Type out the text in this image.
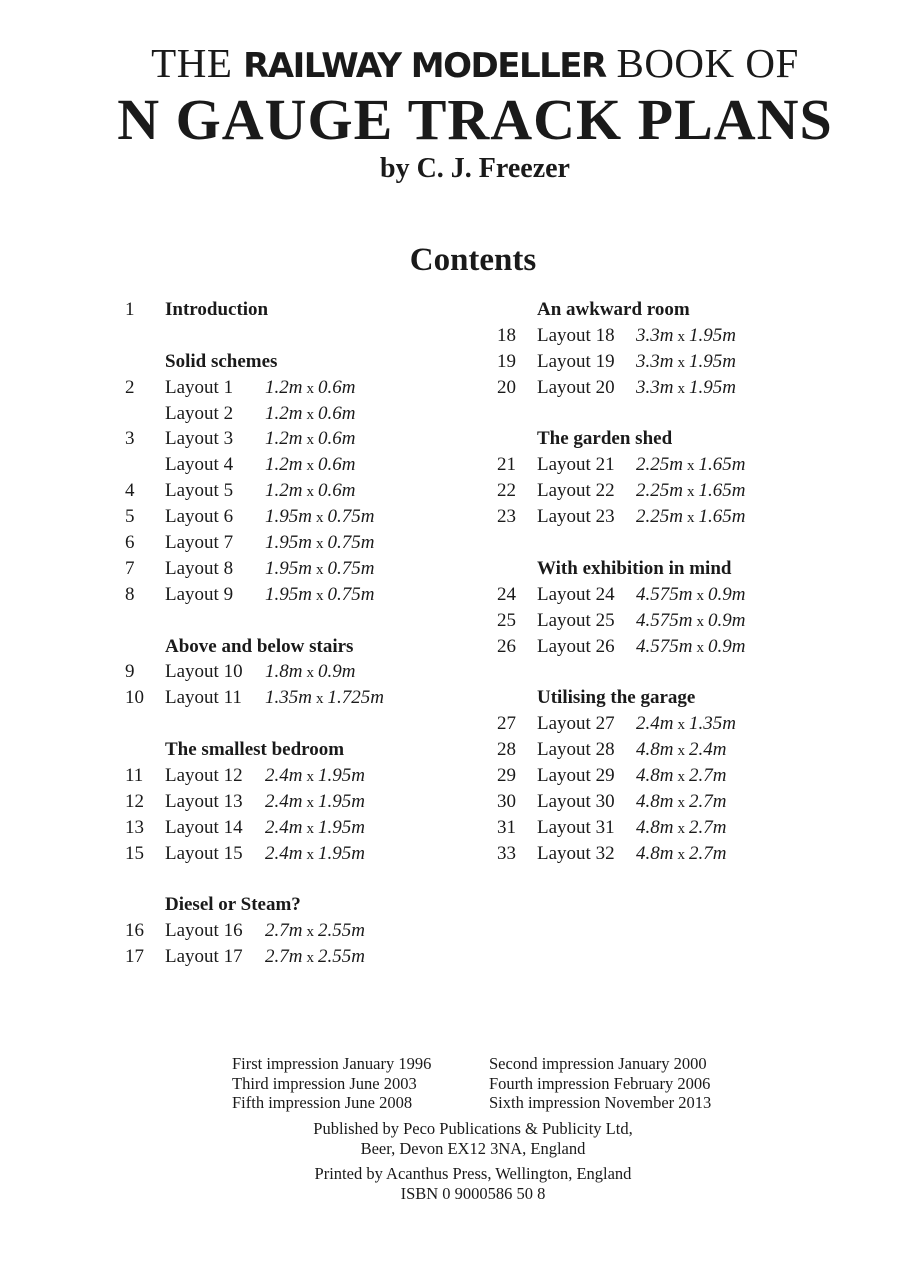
THE RAILWAY MODELLER BOOK OF
N GAUGE TRACK PLANS
by C. J. Freezer
Contents
1 Introduction
Solid schemes
2 Layout 1 1.2m x 0.6m
Layout 2 1.2m x 0.6m
3 Layout 3 1.2m x 0.6m
Layout 4 1.2m x 0.6m
4 Layout 5 1.2m x 0.6m
5 Layout 6 1.95m x 0.75m
6 Layout 7 1.95m x 0.75m
7 Layout 8 1.95m x 0.75m
8 Layout 9 1.95m x 0.75m
Above and below stairs
9 Layout 10 1.8m x 0.9m
10 Layout 11 1.35m x 1.725m
The smallest bedroom
11 Layout 12 2.4m x 1.95m
12 Layout 13 2.4m x 1.95m
13 Layout 14 2.4m x 1.95m
15 Layout 15 2.4m x 1.95m
Diesel or Steam?
16 Layout 16 2.7m x 2.55m
17 Layout 17 2.7m x 2.55m
An awkward room
18 Layout 18 3.3m x 1.95m
19 Layout 19 3.3m x 1.95m
20 Layout 20 3.3m x 1.95m
The garden shed
21 Layout 21 2.25m x 1.65m
22 Layout 22 2.25m x 1.65m
23 Layout 23 2.25m x 1.65m
With exhibition in mind
24 Layout 24 4.575m x 0.9m
25 Layout 25 4.575m x 0.9m
26 Layout 26 4.575m x 0.9m
Utilising the garage
27 Layout 27 2.4m x 1.35m
28 Layout 28 4.8m x 2.4m
29 Layout 29 4.8m x 2.7m
30 Layout 30 4.8m x 2.7m
31 Layout 31 4.8m x 2.7m
33 Layout 32 4.8m x 2.7m
First impression January 1996
Third impression June 2003
Fifth impression June 2008
Second impression January 2000
Fourth impression February 2006
Sixth impression November 2013
Published by Peco Publications & Publicity Ltd,
Beer, Devon EX12 3NA, England
Printed by Acanthus Press, Wellington, England
ISBN 0 9000586 50 8
